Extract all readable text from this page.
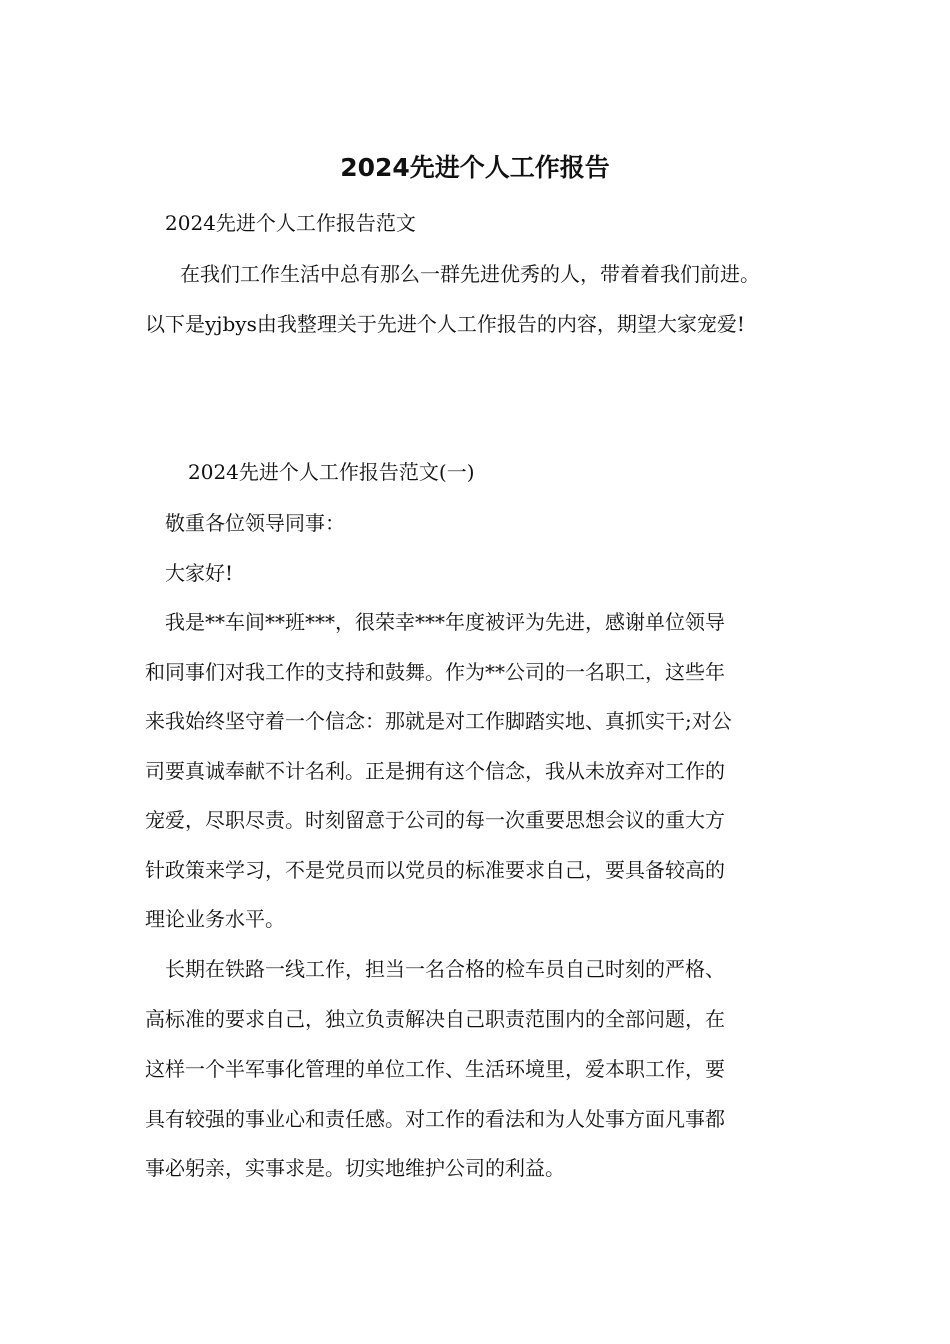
2024先进个人工作报告

2024先进个人工作报告范文

在我们工作生活中总有那么一群先进优秀的人，带着着我们前进。

以下是yjbys由我整理关于先进个人工作报告的内容，期望大家宠爱!

2024先进个人工作报告范文(一)

敬重各位领导同事：

大家好!

我是**车间**班***，很荣幸***年度被评为先进，感谢单位领导

和同事们对我工作的支持和鼓舞。作为**公司的一名职工，这些年

来我始终坚守着一个信念：那就是对工作脚踏实地、真抓实干;对公

司要真诚奉献不计名利。正是拥有这个信念，我从未放弃对工作的

宠爱，尽职尽责。时刻留意于公司的每一次重要思想会议的重大方

针政策来学习，不是党员而以党员的标准要求自己，要具备较高的

理论业务水平。

长期在铁路一线工作，担当一名合格的检车员自己时刻的严格、

高标准的要求自己，独立负责解决自己职责范围内的全部问题，在

这样一个半军事化管理的单位工作、生活环境里，爱本职工作，要

具有较强的事业心和责任感。对工作的看法和为人处事方面凡事都

事必躬亲，实事求是。切实地维护公司的利益。
